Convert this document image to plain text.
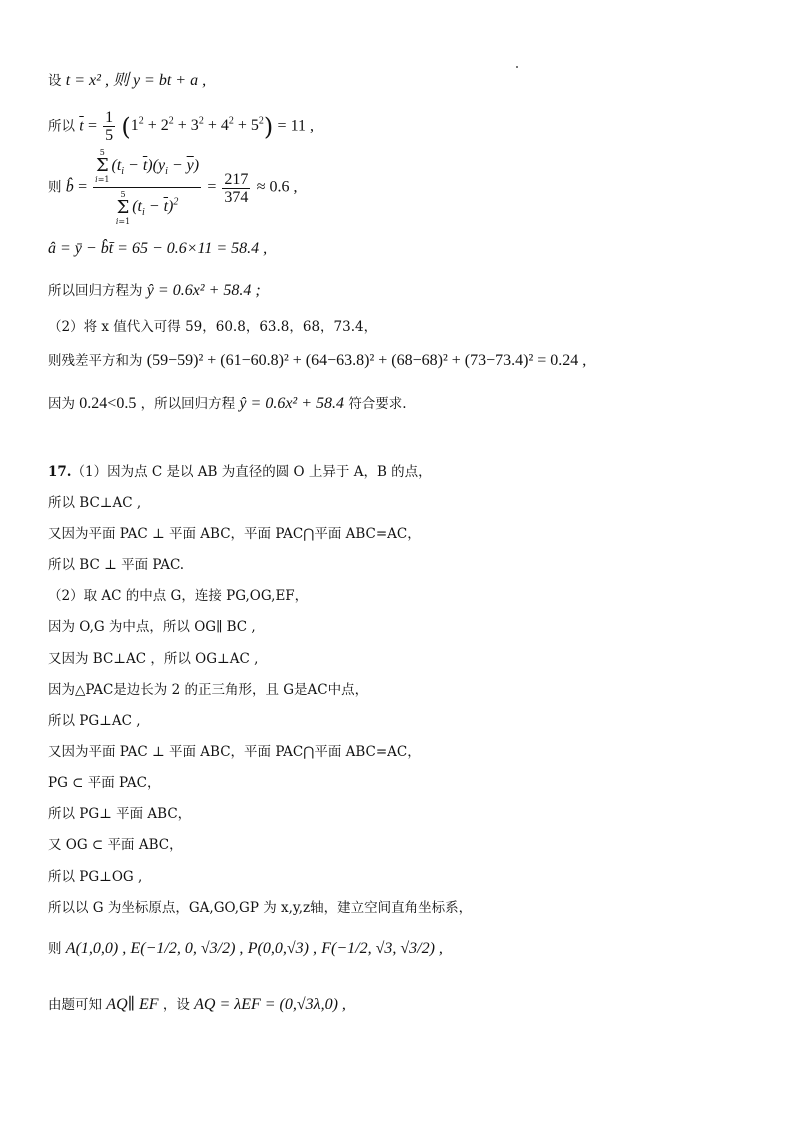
设 t = x² , 则 y = bt + a ,
所以 $\overline{t} = \frac{1}{5} (1^2 + 2^2 + 3^2 + 4^2 + 5^2) = 11$ ,
则 b̂ = 5
Σ
$i=1(t_i - \overline{t})(y_i - \overline{y})$
5
Σ
$i=1(t_i - \overline{t})^2 = \frac{217}{374} \approx 0.6$ ,
â = ȳ − b̂t̄ = 65 − 0.6×11 = 58.4 ,
所以回归方程为 ŷ = 0.6x² + 58.4 ;
（2）将 x 值代入可得 59，60.8，63.8，68，73.4，
则残差平方和为 (59−59)² + (61−60.8)² + (64−63.8)² + (68−68)² + (73−73.4)² = 0.24 ,
因为 0.24<0.5 ，所以回归方程 ŷ = 0.6x² + 58.4 符合要求.
17.（1）因为点 C 是以 AB 为直径的圆 O 上异于 A，B 的点，
所以 BC⊥AC ,
又因为平面 PAC ⊥ 平面 ABC，平面 PAC⋂平面 ABC=AC，
所以 BC ⊥ 平面 PAC.
（2）取 AC 的中点 G，连接 PG,OG,EF，
因为 O,G 为中点，所以 OG∥ BC ,
又因为 BC⊥AC ，所以 OG⊥AC ,
因为△PAC是边长为 2 的正三角形，且 G是AC中点，
所以 PG⊥AC ,
又因为平面 PAC ⊥ 平面 ABC，平面 PAC⋂平面 ABC=AC，
PG ⊂ 平面 PAC，
所以 PG⊥ 平面 ABC，
又 OG ⊂ 平面 ABC，
所以 PG⊥OG ,
所以以 G 为坐标原点，GA,GO,GP 为 x,y,z轴，建立空间直角坐标系，
则 A(1,0,0) , E(−1/2, 0, √3/2) , P(0,0,√3) , F(−1/2, √3, √3/2) ,
由题可知 AQ∥ EF ，设 AQ = λEF = (0,√3λ,0) ,
